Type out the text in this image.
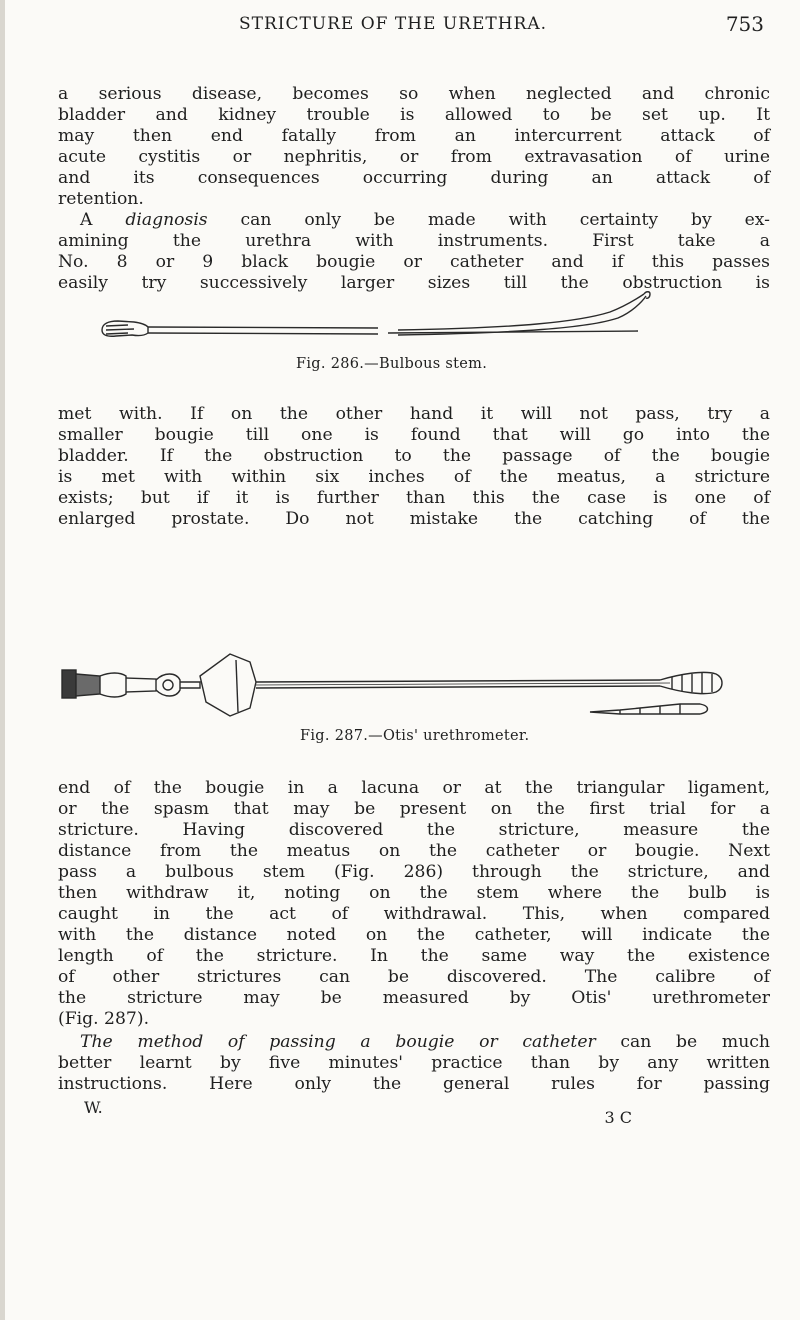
STRICTURE OF THE URETHRA.	753
a serious disease, becomes so when neglected and chronic
bladder and kidney trouble is allowed to be set up. It
may then end fatally from an intercurrent attack of
acute cystitis or nephritis, or from extravasation of urine
and its consequences occurring during an attack of
retention.
A diagnosis can only be made with certainty by ex-
amining the urethra with instruments. First take a
No. 8 or 9 black bougie or catheter and if this passes
easily try successively larger sizes till the obstruction is
Fig. 286.—Bulbous stem.
met with. If on the other hand it will not pass, try a
smaller bougie till one is found that will go into the
bladder. If the obstruction to the passage of the bougie
is met with within six inches of the meatus, a stricture
exists; but if it is further than this the case is one of
enlarged prostate. Do not mistake the catching of the
Fig. 287.—Otis' urethrometer.
end of the bougie in a lacuna or at the triangular ligament,
or the spasm that may be present on the first trial for a
stricture. Having discovered the stricture, measure the
distance from the meatus on the catheter or bougie. Next
pass a bulbous stem (Fig. 286) through the stricture, and
then withdraw it, noting on the stem where the bulb is
caught in the act of withdrawal. This, when compared
with the distance noted on the catheter, will indicate the
length of the stricture. In the same way the existence
of other strictures can be discovered. The calibre of
the stricture may be measured by Otis' urethrometer
(Fig. 287).
The method of passing a bougie or catheter can be much
better learnt by five minutes' practice than by any written
instructions. Here only the general rules for passing
W.
3 C
